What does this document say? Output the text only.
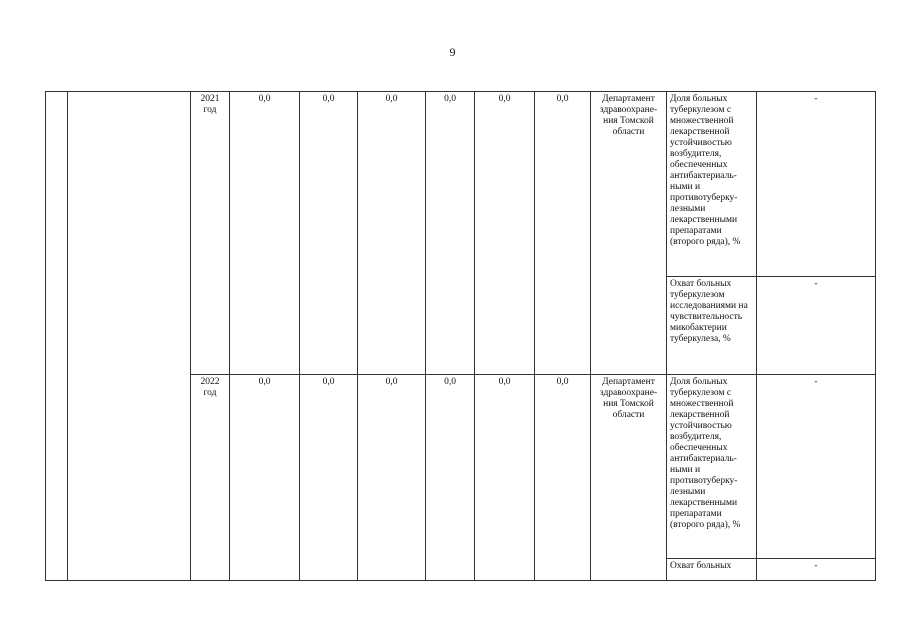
9
		2021 год	0,0	0,0	0,0	0,0	0,0	0,0	Департамент здравоохране-ния Томской области	Доля больных туберкулезом с множественной лекарственной устойчивостью возбудителя, обеспеченных антибактериаль-ными и противотуберку-лезными лекарственными препаратами (второго ряда), %	-
										Охват больных туберкулезом исследованиями на чувствительность микобактерии туберкулеза, %	-
		2022 год	0,0	0,0	0,0	0,0	0,0	0,0	Департамент здравоохране-ния Томской области	Доля больных туберкулезом с множественной лекарственной устойчивостью возбудителя, обеспеченных антибактериаль-ными и противотуберку-лезными лекарственными препаратами (второго ряда), %	-
										Охват больных	-
